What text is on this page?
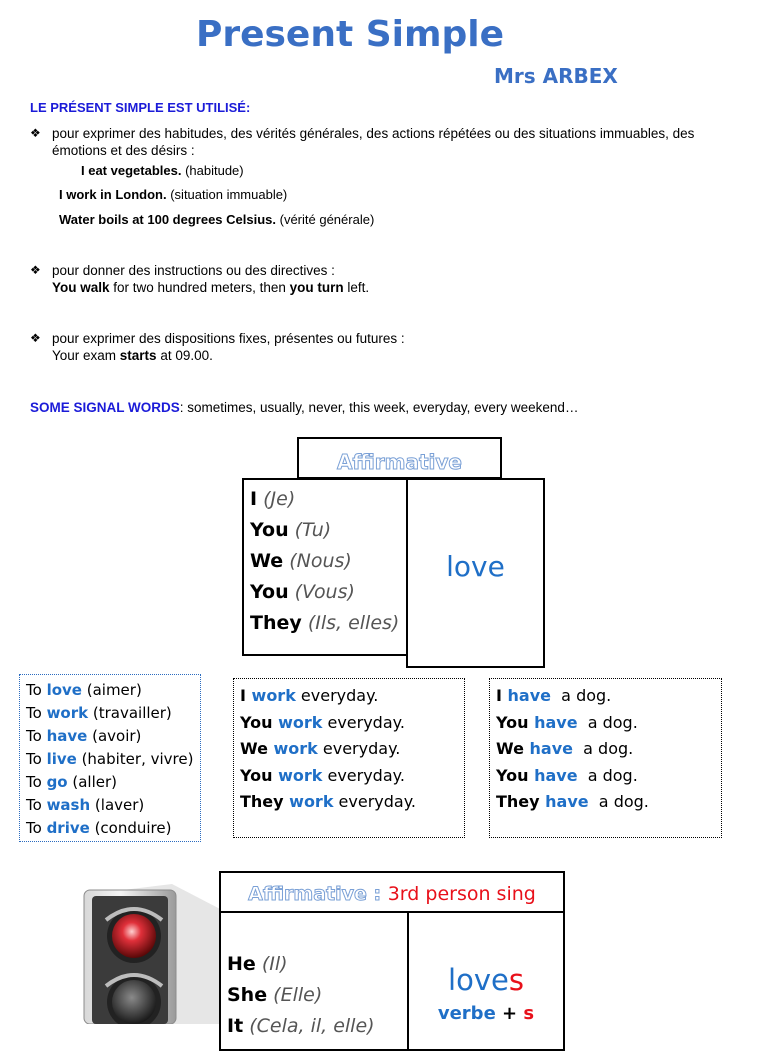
Present Simple
Mrs ARBEX
LE PRÉSENT SIMPLE EST UTILISÉ:
❖ pour exprimer des habitudes, des vérités générales, des actions répétées ou des situations immuables, des émotions et des désirs :
I eat vegetables. (habitude)
I work in London. (situation immuable)
Water boils at 100 degrees Celsius. (vérité générale)
❖ pour donner des instructions ou des directives :
You walk for two hundred meters, then you turn left.
❖ pour exprimer des dispositions fixes, présentes ou futures :
Your exam starts at 09.00.
SOME SIGNAL WORDS: sometimes, usually, never, this week, everyday, every weekend…
Affirmative
I (Je)
You (Tu)
We (Nous)
You (Vous)
They (Ils, elles)
love
To love (aimer)
To work (travailler)
To have (avoir)
To live (habiter, vivre)
To go (aller)
To wash (laver)
To drive (conduire)
I work everyday.
You work everyday.
We work everyday.
You work everyday.
They work everyday.
I have  a dog.
You have  a dog.
We have  a dog.
You have  a dog.
They have  a dog.
Affirmative : 3rd person sing
He (Il)
She (Elle)
It (Cela, il, elle)
loves
verbe + s
